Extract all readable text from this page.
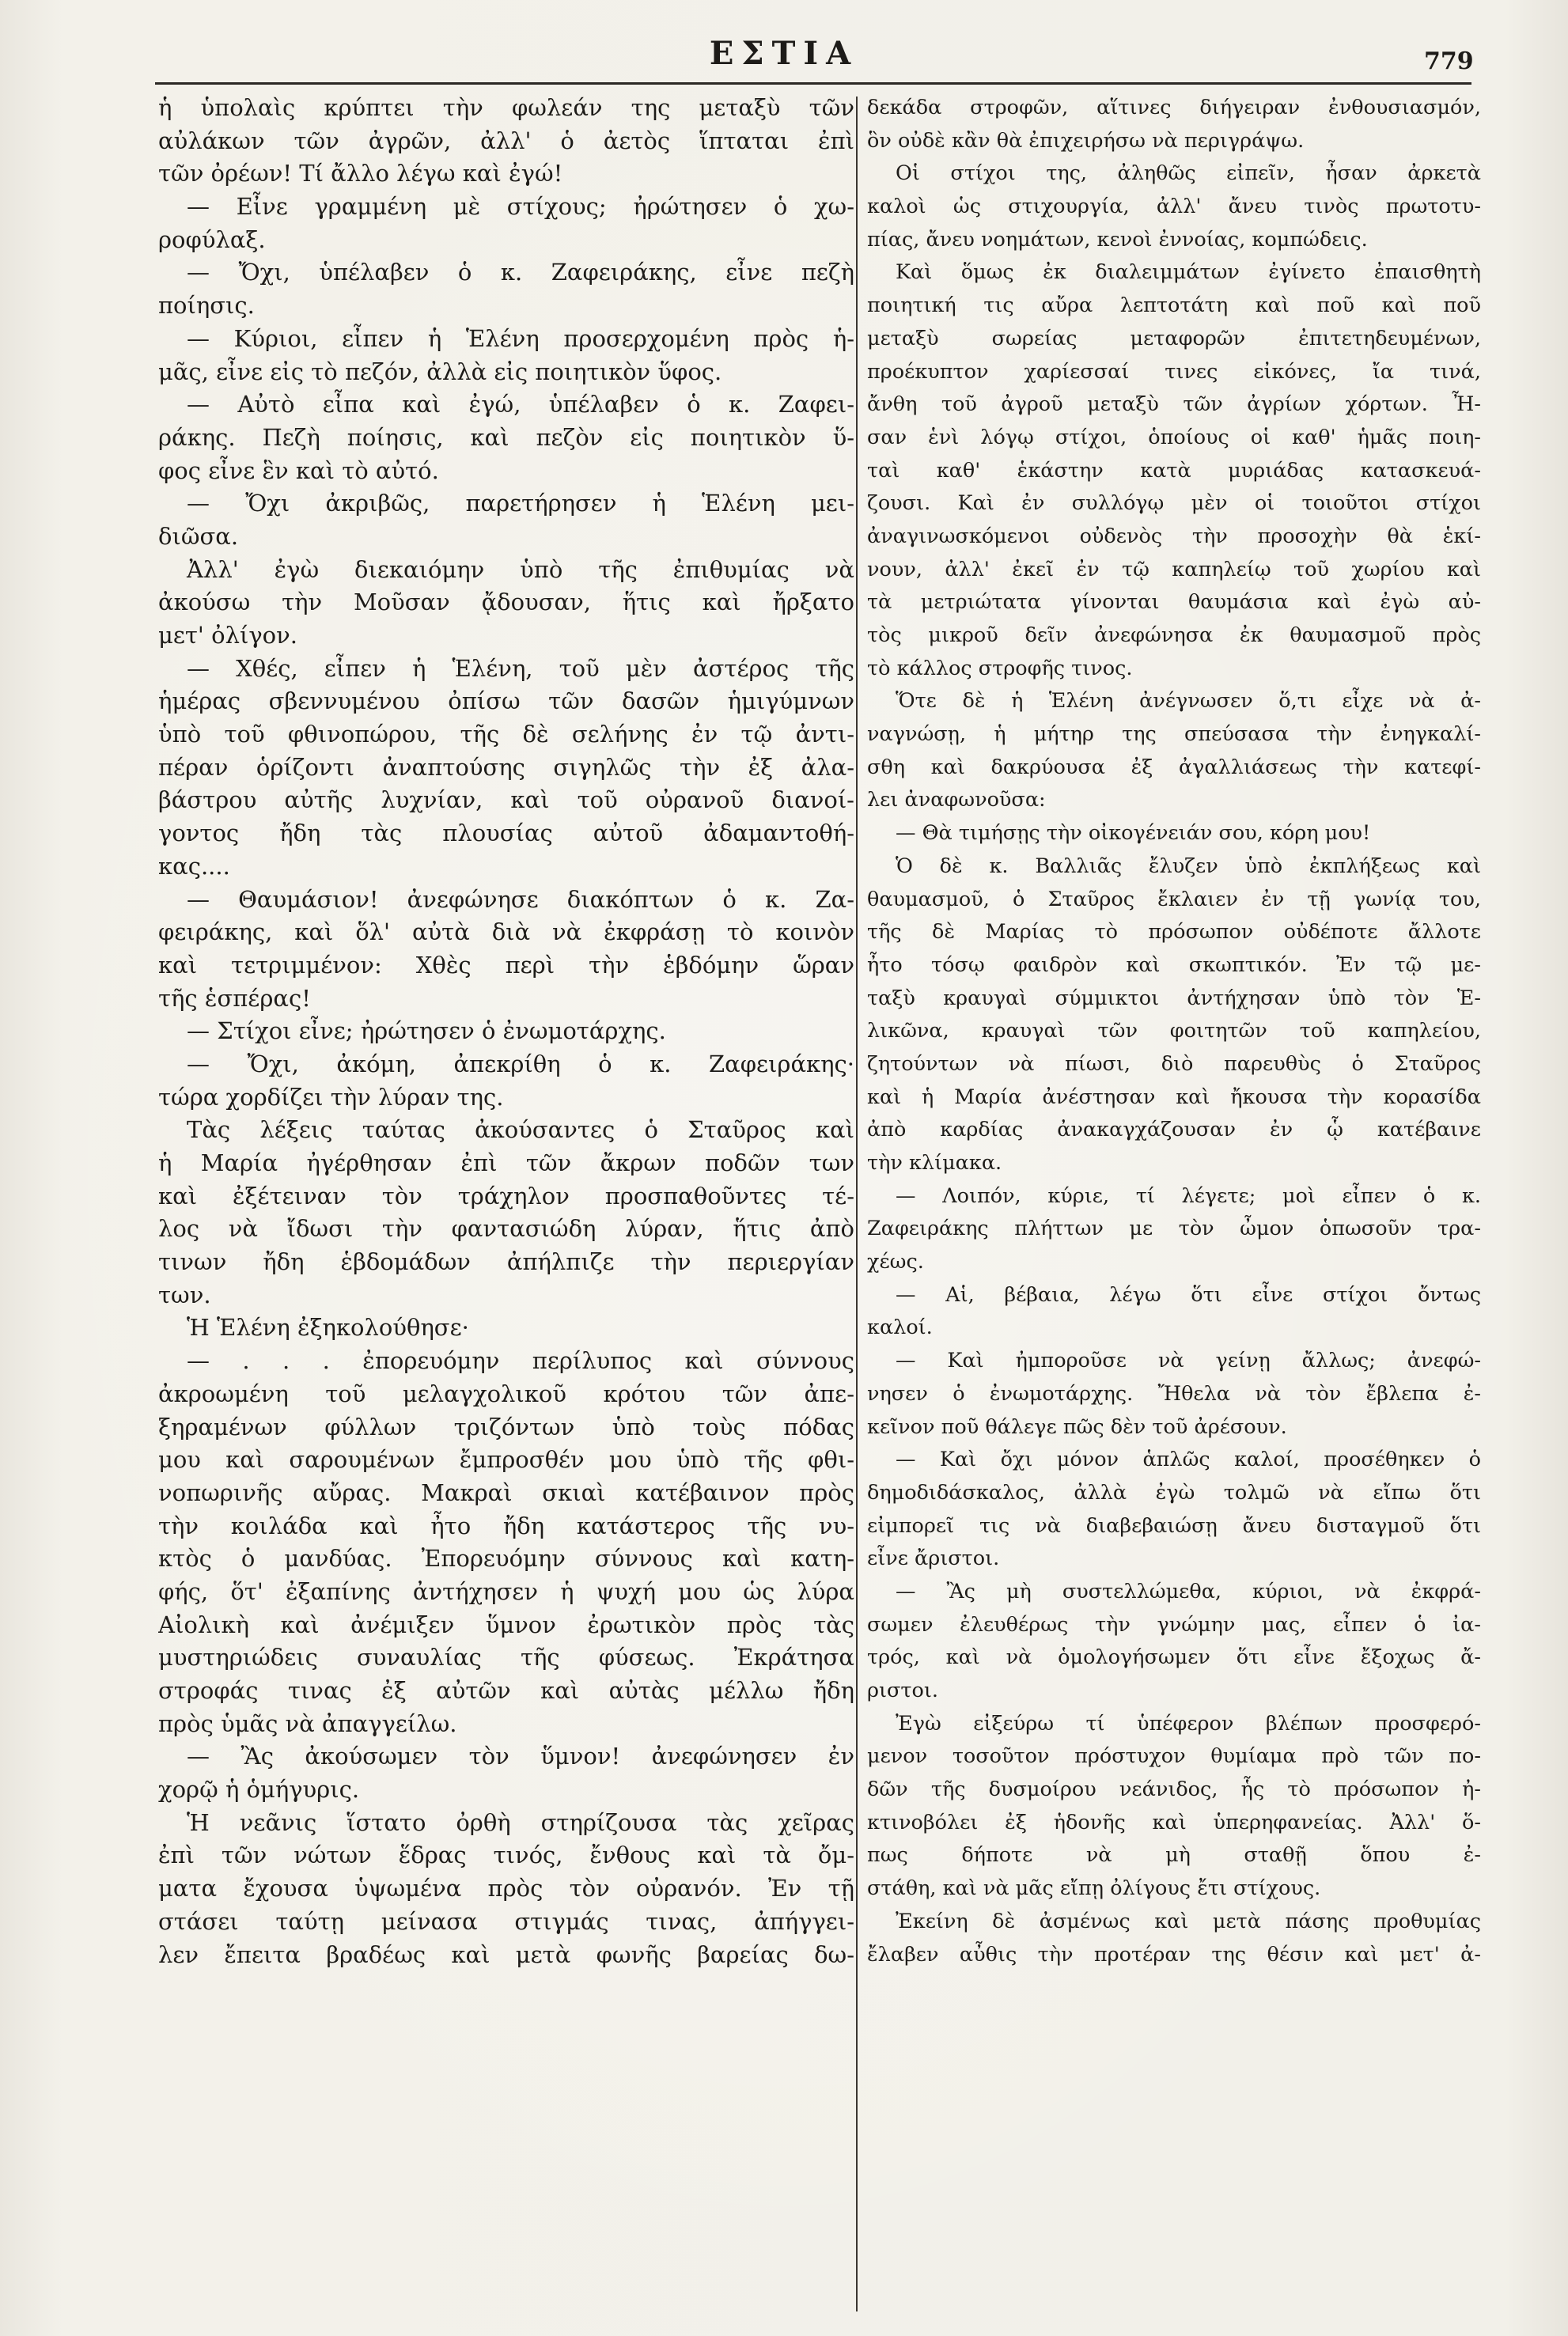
ΕΣΤΙΑ	779
ἡ ὑπολαὶς κρύπτει τὴν φωλεάν της μεταξὺ τῶν
αὐλάκων τῶν ἀγρῶν, ἀλλ' ὁ ἀετὸς ἵπταται ἐπὶ
τῶν ὀρέων! Τί ἄλλο λέγω καὶ ἐγώ!
— Εἶνε γραμμένη μὲ στίχους; ἠρώτησεν ὁ χω-
ροφύλαξ.
— Ὄχι, ὑπέλαβεν ὁ κ. Ζαφειράκης, εἶνε πεζὴ
ποίησις.
— Κύριοι, εἶπεν ἡ Ἑλένη προσερχομένη πρὸς ἡ-
μᾶς, εἶνε εἰς τὸ πεζόν, ἀλλὰ εἰς ποιητικὸν ὕφος.
— Αὐτὸ εἶπα καὶ ἐγώ, ὑπέλαβεν ὁ κ. Ζαφει-
ράκης. Πεζὴ ποίησις, καὶ πεζὸν εἰς ποιητικὸν ὕ-
φος εἶνε ἓν καὶ τὸ αὐτό.
— Ὄχι ἀκριβῶς, παρετήρησεν ἡ Ἑλένη μει-
διῶσα.
Ἀλλ' ἐγὼ διεκαιόμην ὑπὸ τῆς ἐπιθυμίας νὰ
ἀκούσω τὴν Μοῦσαν ᾄδουσαν, ἥτις καὶ ἤρξατο
μετ' ὀλίγον.
— Χθές, εἶπεν ἡ Ἑλένη, τοῦ μὲν ἀστέρος τῆς
ἡμέρας σβεννυμένου ὀπίσω τῶν δασῶν ἡμιγύμνων
ὑπὸ τοῦ φθινοπώρου, τῆς δὲ σελήνης ἐν τῷ ἀντι-
πέραν ὁρίζοντι ἀναπτούσης σιγηλῶς τὴν ἐξ ἀλα-
βάστρου αὐτῆς λυχνίαν, καὶ τοῦ οὐρανοῦ διανοί-
γοντος ἤδη τὰς πλουσίας αὐτοῦ ἀδαμαντοθή-
κας....
— Θαυμάσιον! ἀνεφώνησε διακόπτων ὁ κ. Ζα-
φειράκης, καὶ ὅλ' αὐτὰ διὰ νὰ ἐκφράσῃ τὸ κοινὸν
καὶ τετριμμένον: Χθὲς περὶ τὴν ἑβδόμην ὥραν
τῆς ἑσπέρας!
— Στίχοι εἶνε; ἠρώτησεν ὁ ἐνωμοτάρχης.
— Ὄχι, ἀκόμη, ἀπεκρίθη ὁ κ. Ζαφειράκης·
τώρα χορδίζει τὴν λύραν της.
Τὰς λέξεις ταύτας ἀκούσαντες ὁ Σταῦρος καὶ
ἡ Μαρία ἠγέρθησαν ἐπὶ τῶν ἄκρων ποδῶν των
καὶ ἐξέτειναν τὸν τράχηλον προσπαθοῦντες τέ-
λος νὰ ἴδωσι τὴν φαντασιώδη λύραν, ἥτις ἀπὸ
τινων ἤδη ἑβδομάδων ἀπήλπιζε τὴν περιεργίαν
των.
Ἡ Ἑλένη ἐξηκολούθησε·
— . . . ἐπορευόμην περίλυπος καὶ σύννους
ἀκροωμένη τοῦ μελαγχολικοῦ κρότου τῶν ἀπε-
ξηραμένων φύλλων τριζόντων ὑπὸ τοὺς πόδας
μου καὶ σαρουμένων ἔμπροσθέν μου ὑπὸ τῆς φθι-
νοπωρινῆς αὔρας. Μακραὶ σκιαὶ κατέβαινον πρὸς
τὴν κοιλάδα καὶ ἦτο ἤδη κατάστερος τῆς νυ-
κτὸς ὁ μανδύας. Ἐπορευόμην σύννους καὶ κατη-
φής, ὅτ' ἐξαπίνης ἀντήχησεν ἡ ψυχή μου ὡς λύρα
Αἰολικὴ καὶ ἀνέμιξεν ὕμνον ἐρωτικὸν πρὸς τὰς
μυστηριώδεις συναυλίας τῆς φύσεως. Ἐκράτησα
στροφάς τινας ἐξ αὐτῶν καὶ αὐτὰς μέλλω ἤδη
πρὸς ὑμᾶς νὰ ἀπαγγείλω.
— Ἂς ἀκούσωμεν τὸν ὕμνον! ἀνεφώνησεν ἐν
χορῷ ἡ ὁμήγυρις.
Ἡ νεᾶνις ἵστατο ὀρθὴ στηρίζουσα τὰς χεῖρας
ἐπὶ τῶν νώτων ἕδρας τινός, ἔνθους καὶ τὰ ὄμ-
ματα ἔχουσα ὑψωμένα πρὸς τὸν οὐρανόν. Ἐν τῇ
στάσει ταύτῃ μείνασα στιγμάς τινας, ἀπήγγει-
λεν ἔπειτα βραδέως καὶ μετὰ φωνῆς βαρείας δω-
δεκάδα στροφῶν, αἵτινες διήγειραν ἐνθουσιασμόν,
ὃν οὐδὲ κἂν θὰ ἐπιχειρήσω νὰ περιγράψω.
Οἱ στίχοι της, ἀληθῶς εἰπεῖν, ἦσαν ἀρκετὰ
καλοὶ ὡς στιχουργία, ἀλλ' ἄνευ τινὸς πρωτοτυ-
πίας, ἄνευ νοημάτων, κενοὶ ἐννοίας, κομπώδεις.
Καὶ ὅμως ἐκ διαλειμμάτων ἐγίνετο ἐπαισθητὴ
ποιητική τις αὔρα λεπτοτάτη καὶ ποῦ καὶ ποῦ
μεταξὺ σωρείας μεταφορῶν ἐπιτετηδευμένων,
προέκυπτον χαρίεσσαί τινες εἰκόνες, ἴα τινά,
ἄνθη τοῦ ἀγροῦ μεταξὺ τῶν ἀγρίων χόρτων. Ἦ-
σαν ἑνὶ λόγῳ στίχοι, ὁποίους οἱ καθ' ἡμᾶς ποιη-
ταὶ καθ' ἑκάστην κατὰ μυριάδας κατασκευά-
ζουσι. Καὶ ἐν συλλόγῳ μὲν οἱ τοιοῦτοι στίχοι
ἀναγινωσκόμενοι οὐδενὸς τὴν προσοχὴν θὰ ἑκί-
νουν, ἀλλ' ἐκεῖ ἐν τῷ καπηλείῳ τοῦ χωρίου καὶ
τὰ μετριώτατα γίνονται θαυμάσια καὶ ἐγὼ αὐ-
τὸς μικροῦ δεῖν ἀνεφώνησα ἐκ θαυμασμοῦ πρὸς
τὸ κάλλος στροφῆς τινος.
Ὅτε δὲ ἡ Ἑλένη ἀνέγνωσεν ὅ,τι εἶχε νὰ ἀ-
ναγνώσῃ, ἡ μήτηρ της σπεύσασα τὴν ἐνηγκαλί-
σθη καὶ δακρύουσα ἐξ ἀγαλλιάσεως τὴν κατεφί-
λει ἀναφωνοῦσα:
— Θὰ τιμήσῃς τὴν οἰκογένειάν σου, κόρη μου!
Ὁ δὲ κ. Βαλλιᾶς ἔλυζεν ὑπὸ ἐκπλήξεως καὶ
θαυμασμοῦ, ὁ Σταῦρος ἔκλαιεν ἐν τῇ γωνίᾳ του,
τῆς δὲ Μαρίας τὸ πρόσωπον οὐδέποτε ἄλλοτε
ἦτο τόσῳ φαιδρὸν καὶ σκωπτικόν. Ἐν τῷ με-
ταξὺ κραυγαὶ σύμμικτοι ἀντήχησαν ὑπὸ τὸν Ἑ-
λικῶνα, κραυγαὶ τῶν φοιτητῶν τοῦ καπηλείου,
ζητούντων νὰ πίωσι, διὸ παρευθὺς ὁ Σταῦρος
καὶ ἡ Μαρία ἀνέστησαν καὶ ἤκουσα τὴν κορασίδα
ἀπὸ καρδίας ἀνακαγχάζουσαν ἐν ᾧ κατέβαινε
τὴν κλίμακα.
— Λοιπόν, κύριε, τί λέγετε; μοὶ εἶπεν ὁ κ.
Ζαφειράκης πλήττων με τὸν ὦμον ὁπωσοῦν τρα-
χέως.
— Αἱ, βέβαια, λέγω ὅτι εἶνε στίχοι ὄντως
καλοί.
— Καὶ ἠμποροῦσε νὰ γείνῃ ἄλλως; ἀνεφώ-
νησεν ὁ ἐνωμοτάρχης. Ἤθελα νὰ τὸν ἔβλεπα ἐ-
κεῖνον ποῦ θάλεγε πῶς δὲν τοῦ ἀρέσουν.
— Καὶ ὄχι μόνον ἁπλῶς καλοί, προσέθηκεν ὁ
δημοδιδάσκαλος, ἀλλὰ ἐγὼ τολμῶ νὰ εἴπω ὅτι
εἰμπορεῖ τις νὰ διαβεβαιώσῃ ἄνευ δισταγμοῦ ὅτι
εἶνε ἄριστοι.
— Ἂς μὴ συστελλώμεθα, κύριοι, νὰ ἐκφρά-
σωμεν ἐλευθέρως τὴν γνώμην μας, εἶπεν ὁ ἰα-
τρός, καὶ νὰ ὁμολογήσωμεν ὅτι εἶνε ἔξοχως ἄ-
ριστοι.
Ἐγὼ εἰξεύρω τί ὑπέφερον βλέπων προσφερό-
μενον τοσοῦτον πρόστυχον θυμίαμα πρὸ τῶν πο-
δῶν τῆς δυσμοίρου νεάνιδος, ἧς τὸ πρόσωπον ἠ-
κτινοβόλει ἐξ ἡδονῆς καὶ ὑπερηφανείας. Ἀλλ' ὅ-
πως δήποτε νὰ μὴ σταθῇ ὅπου ἐ-
στάθη, καὶ νὰ μᾶς εἴπῃ ὀλίγους ἔτι στίχους.
Ἐκείνη δὲ ἀσμένως καὶ μετὰ πάσης προθυμίας
ἔλαβεν αὖθις τὴν προτέραν της θέσιν καὶ μετ' ἀ-
